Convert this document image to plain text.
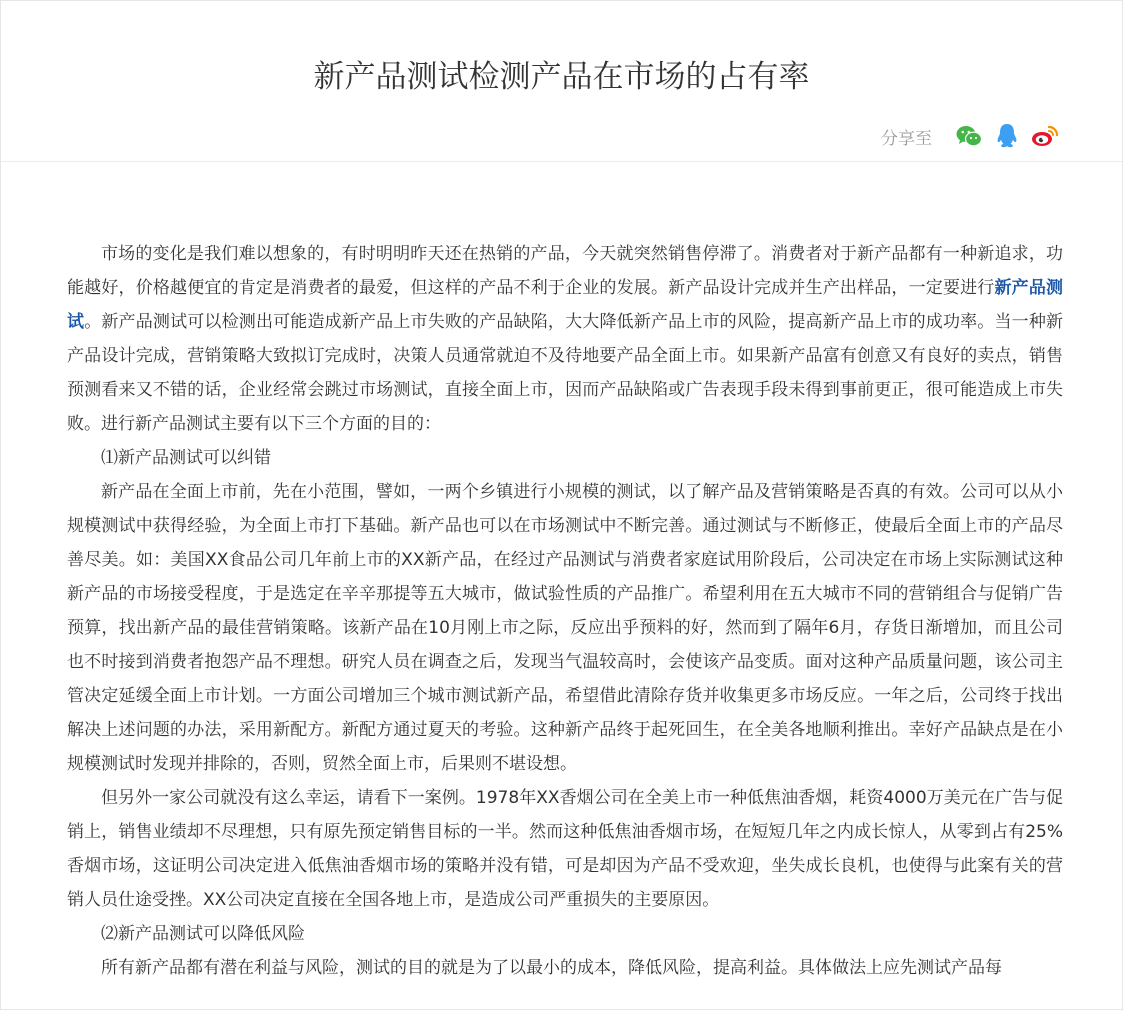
新产品测试检测产品在市场的占有率
分享至

市场的变化是我们难以想象的，有时明明昨天还在热销的产品，今天就突然销售停滞了。消费者对于新产品都有一种新追求，功能越好，价格越便宜的肯定是消费者的最爱，但这样的产品不利于企业的发展。新产品设计完成并生产出样品，一定要进行新产品测试。新产品测试可以检测出可能造成新产品上市失败的产品缺陷，大大降低新产品上市的风险，提高新产品上市的成功率。当一种新产品设计完成，营销策略大致拟订完成时，决策人员通常就迫不及待地要产品全面上市。如果新产品富有创意又有良好的卖点，销售预测看来又不错的话，企业经常会跳过市场测试，直接全面上市，因而产品缺陷或广告表现手段未得到事前更正，很可能造成上市失败。进行新产品测试主要有以下三个方面的目的：

⑴新产品测试可以纠错

新产品在全面上市前，先在小范围，譬如，一两个乡镇进行小规模的测试，以了解产品及营销策略是否真的有效。公司可以从小规模测试中获得经验，为全面上市打下基础。新产品也可以在市场测试中不断完善。通过测试与不断修正，使最后全面上市的产品尽善尽美。如：美国XX食品公司几年前上市的XX新产品，在经过产品测试与消费者家庭试用阶段后，公司决定在市场上实际测试这种新产品的市场接受程度，于是选定在辛辛那提等五大城市，做试验性质的产品推广。希望利用在五大城市不同的营销组合与促销广告预算，找出新产品的最佳营销策略。该新产品在10月刚上市之际，反应出乎预料的好，然而到了隔年6月，存货日渐增加，而且公司也不时接到消费者抱怨产品不理想。研究人员在调查之后，发现当气温较高时，会使该产品变质。面对这种产品质量问题，该公司主管决定延缓全面上市计划。一方面公司增加三个城市测试新产品，希望借此清除存货并收集更多市场反应。一年之后，公司终于找出解决上述问题的办法，采用新配方。新配方通过夏天的考验。这种新产品终于起死回生，在全美各地顺利推出。幸好产品缺点是在小规模测试时发现并排除的，否则，贸然全面上市，后果则不堪设想。

但另外一家公司就没有这么幸运，请看下一案例。1978年XX香烟公司在全美上市一种低焦油香烟，耗资4000万美元在广告与促销上，销售业绩却不尽理想，只有原先预定销售目标的一半。然而这种低焦油香烟市场，在短短几年之内成长惊人，从零到占有25%香烟市场，这证明公司决定进入低焦油香烟市场的策略并没有错，可是却因为产品不受欢迎，坐失成长良机，也使得与此案有关的营销人员仕途受挫。XX公司决定直接在全国各地上市，是造成公司严重损失的主要原因。

⑵新产品测试可以降低风险

所有新产品都有潜在利益与风险，测试的目的就是为了以最小的成本，降低风险，提高利益。具体做法上应先测试产品每
